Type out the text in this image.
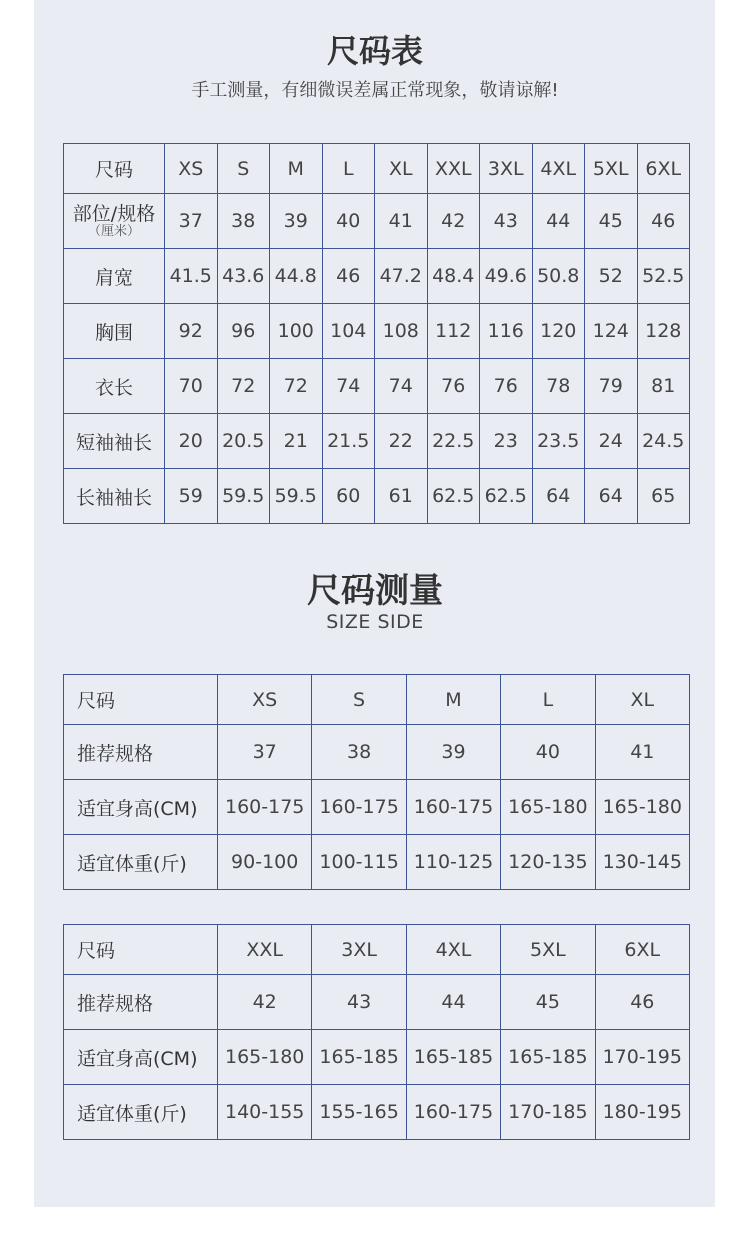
尺码表
手工测量，有细微误差属正常现象，敬请谅解!
尺码	XS	S	M	L	XL	XXL	3XL	4XL	5XL	6XL

部位/规格
（厘米）	37	38	39	40	41	42	43	44	45	46
肩宽	41.5	43.6	44.8	46	47.2	48.4	49.6	50.8	52	52.5
胸围	92	96	100	104	108	112	116	120	124	128
衣长	70	72	72	74	74	76	76	78	79	81
短袖袖长	20	20.5	21	21.5	22	22.5	23	23.5	24	24.5
长袖袖长	59	59.5	59.5	60	61	62.5	62.5	64	64	65
尺码测量
SIZE SIDE
尺码	XS	S	M	L	XL
推荐规格	37	38	39	40	41
适宜身高(CM)	160-175	160-175	160-175	165-180	165-180
适宜体重(斤)	90-100	100-115	110-125	120-135	130-145
尺码	XXL	3XL	4XL	5XL	6XL
推荐规格	42	43	44	45	46
适宜身高(CM)	165-180	165-185	165-185	165-185	170-195
适宜体重(斤)	140-155	155-165	160-175	170-185	180-195
